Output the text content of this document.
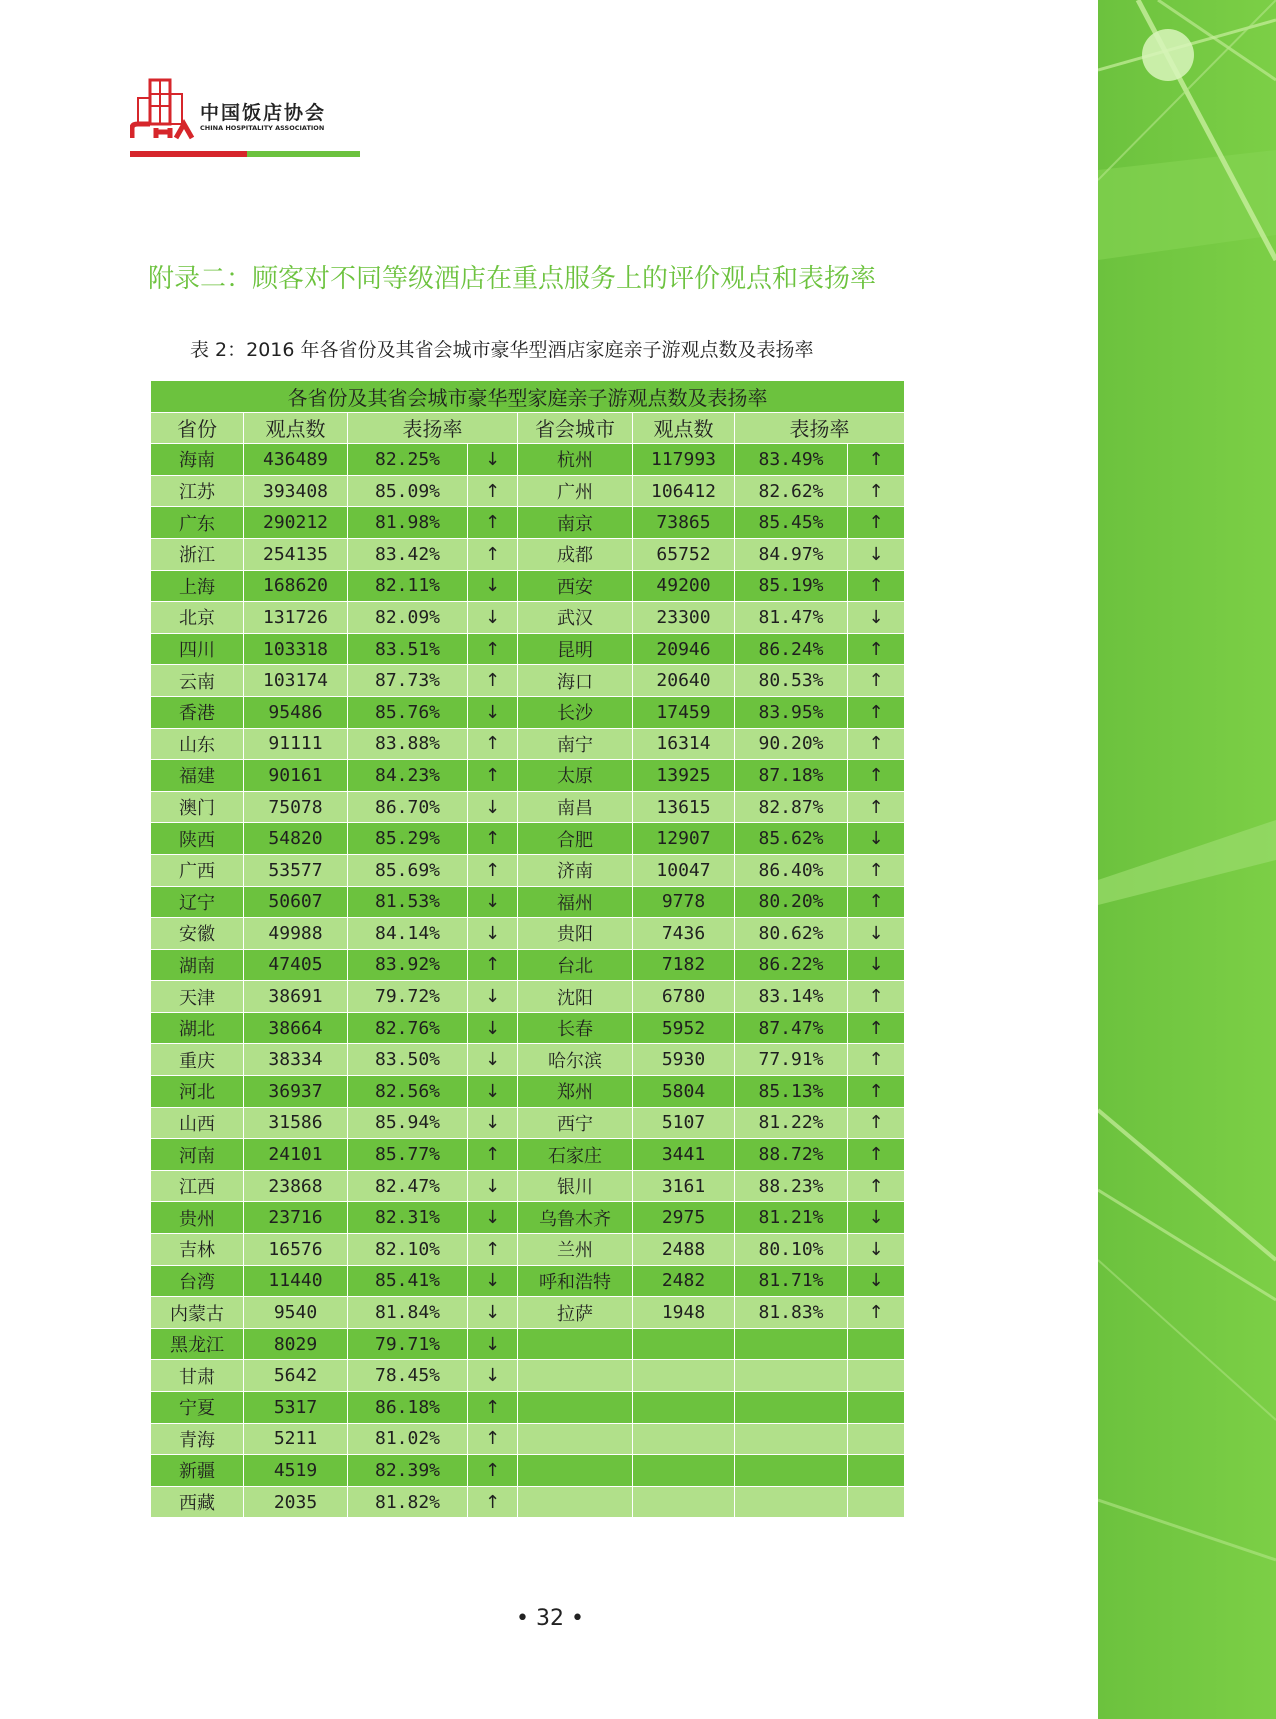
中国饭店协会
CHINA HOSPITALITY ASSOCIATION
附录二：顾客对不同等级酒店在重点服务上的评价观点和表扬率
表 2：2016 年各省份及其省会城市豪华型酒店家庭亲子游观点数及表扬率
各省份及其省会城市豪华型家庭亲子游观点数及表扬率							
省份	观点数	表扬率		省会城市	观点数	表扬率	
海南	436489	82.25%	↓	杭州	117993	83.49%	↑
江苏	393408	85.09%	↑	广州	106412	82.62%	↑
广东	290212	81.98%	↑	南京	73865	85.45%	↑
浙江	254135	83.42%	↑	成都	65752	84.97%	↓
上海	168620	82.11%	↓	西安	49200	85.19%	↑
北京	131726	82.09%	↓	武汉	23300	81.47%	↓
四川	103318	83.51%	↑	昆明	20946	86.24%	↑
云南	103174	87.73%	↑	海口	20640	80.53%	↑
香港	95486	85.76%	↓	长沙	17459	83.95%	↑
山东	91111	83.88%	↑	南宁	16314	90.20%	↑
福建	90161	84.23%	↑	太原	13925	87.18%	↑
澳门	75078	86.70%	↓	南昌	13615	82.87%	↑
陕西	54820	85.29%	↑	合肥	12907	85.62%	↓
广西	53577	85.69%	↑	济南	10047	86.40%	↑
辽宁	50607	81.53%	↓	福州	9778	80.20%	↑
安徽	49988	84.14%	↓	贵阳	7436	80.62%	↓
湖南	47405	83.92%	↑	台北	7182	86.22%	↓
天津	38691	79.72%	↓	沈阳	6780	83.14%	↑
湖北	38664	82.76%	↓	长春	5952	87.47%	↑
重庆	38334	83.50%	↓	哈尔滨	5930	77.91%	↑
河北	36937	82.56%	↓	郑州	5804	85.13%	↑
山西	31586	85.94%	↓	西宁	5107	81.22%	↑
河南	24101	85.77%	↑	石家庄	3441	88.72%	↑
江西	23868	82.47%	↓	银川	3161	88.23%	↑
贵州	23716	82.31%	↓	乌鲁木齐	2975	81.21%	↓
吉林	16576	82.10%	↑	兰州	2488	80.10%	↓
台湾	11440	85.41%	↓	呼和浩特	2482	81.71%	↓
内蒙古	9540	81.84%	↓	拉萨	1948	81.83%	↑
黑龙江	8029	79.71%	↓				
甘肃	5642	78.45%	↓				
宁夏	5317	86.18%	↑				
青海	5211	81.02%	↑				
新疆	4519	82.39%	↑				
西藏	2035	81.82%	↑				
• 32 •
